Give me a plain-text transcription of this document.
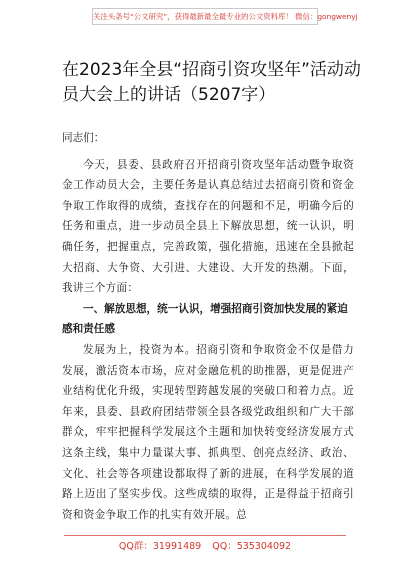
关注头条号“公文研究”，获得最新最全最专业的公文资料库！ 微信：gongwenyj
在2023年全县“招商引资攻坚年”活动动员大会上的讲话（5207字）

同志们：

今天，县委、县政府召开招商引资攻坚年活动暨争取资金工作动员大会，主要任务是认真总结过去招商引资和资金争取工作取得的成绩，查找存在的问题和不足，明确今后的任务和重点，进一步动员全县上下解放思想，统一认识，明确任务，把握重点，完善政策，强化措施，迅速在全县掀起大招商、大争资、大引进、大建设、大开发的热潮。下面，我讲三个方面：

一、解放思想，统一认识，增强招商引资加快发展的紧迫感和责任感

发展为上，投资为本。招商引资和争取资金不仅是借力发展，激活资本市场，应对金融危机的助推器，更是促进产业结构优化升级，实现转型跨越发展的突破口和着力点。近年来，县委、县政府团结带领全县各级党政组织和广大干部群众，牢牢把握科学发展这个主题和加快转变经济发展方式这条主线，集中力量谋大事、抓典型、创亮点经济、政治、文化、社会等各项建设都取得了新的进展，在科学发展的道路上迈出了坚实步伐。这些成绩的取得，正是得益于招商引资和资金争取工作的扎实有效开展。总

QQ群：31991489 QQ：535304092
